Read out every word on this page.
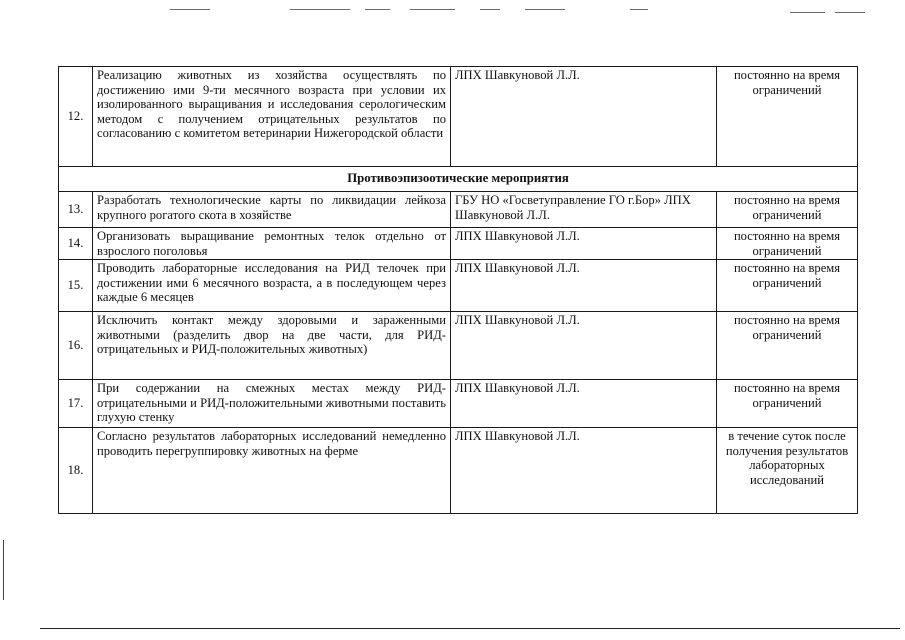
12.	Реализацию животных из хозяйства осуществлять по достижению ими 9-ти месячного возраста при условии их изолированного выращивания и исследования серологическим методом с получением отрицательных результатов по согласованию с комитетом ветеринарии Нижегородской области	ЛПХ Шавкуновой Л.Л.	постоянно на время ограничений
Противоэпизоотические мероприятия			
13.	Разработать технологические карты по ликвидации лейкоза крупного рогатого скота в хозяйстве	ГБУ НО «Госветуправление ГО г.Бор» ЛПХ Шавкуновой Л.Л.	постоянно на время ограничений
14.	Организовать выращивание ремонтных телок отдельно от взрослого поголовья	ЛПХ Шавкуновой Л.Л.	постоянно на время ограничений
15.	Проводить лабораторные исследования на РИД телочек при достижении ими 6 месячного возраста, а в последующем через каждые 6 месяцев	ЛПХ Шавкуновой Л.Л.	постоянно на время ограничений
16.	Исключить контакт между здоровыми и зараженными животными (разделить двор на две части, для РИД-отрицательных и РИД-положительных животных)	ЛПХ Шавкуновой Л.Л.	постоянно на время ограничений
17.	При содержании на смежных местах между РИД-отрицательными и РИД-положительными животными поставить глухую стенку	ЛПХ Шавкуновой Л.Л.	постоянно на время ограничений
18.	Согласно результатов лабораторных исследований немедленно проводить перегруппировку животных на ферме	ЛПХ Шавкуновой Л.Л.	в течение суток после получения результатов лабораторных исследований
